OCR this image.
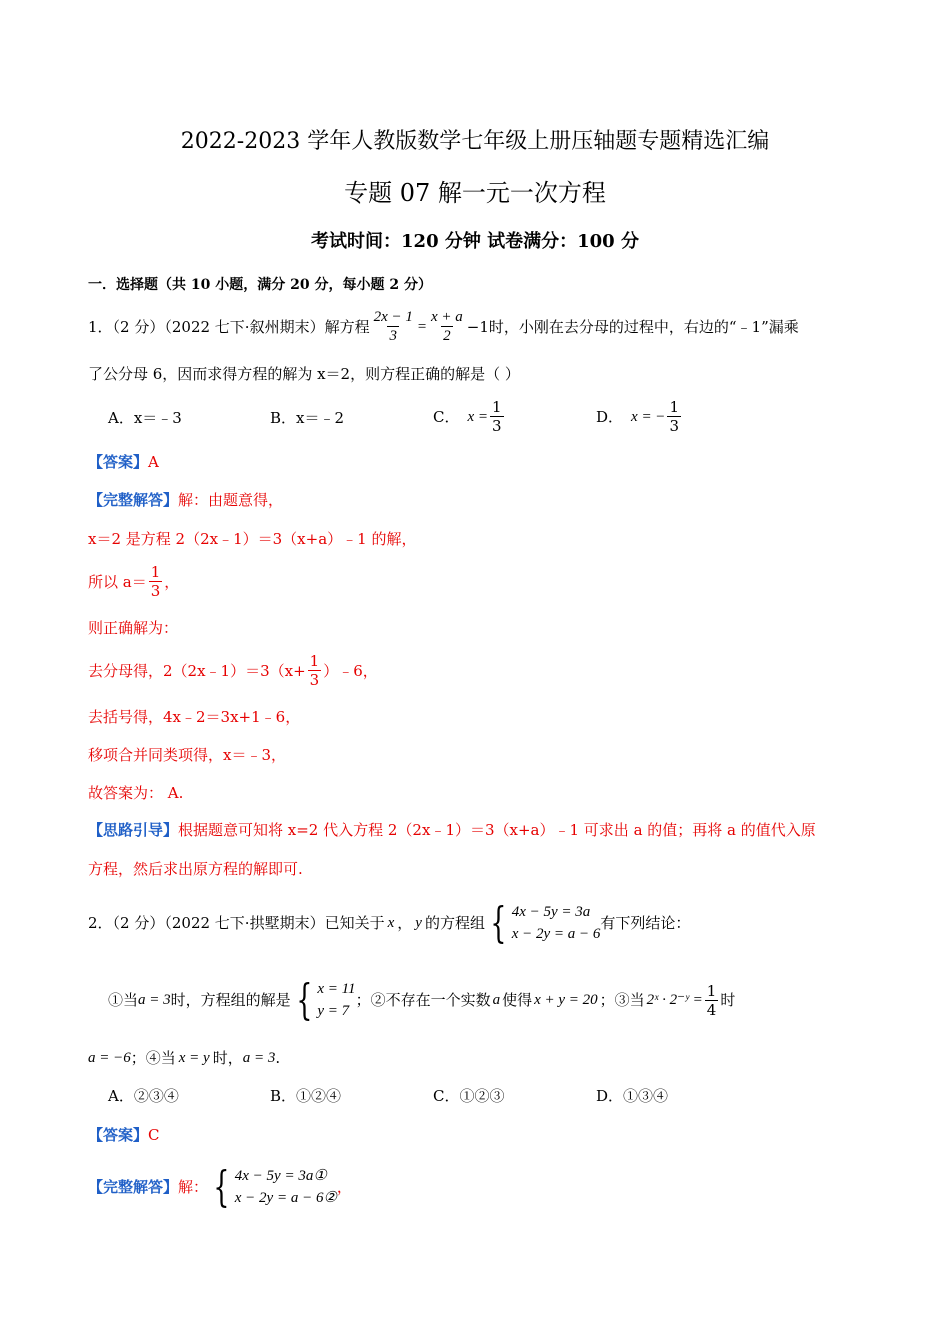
2022-2023 学年人教版数学七年级上册压轴题专题精选汇编
专题 07 解一元一次方程
考试时间：120 分钟 试卷满分：100 分
一．选择题（共 10 小题，满分 20 分，每小题 2 分）
1．（2 分）（2022 七下·叙州期末）解方程 $\frac{2x - 1}{3} = \frac{x + a}{2} -1$时，小刚在去分母的过程中，右边的“﹣1”漏乘
了公分母 6，因而求得方程的解为 x＝2，则方程正确的解是（ ）
A．x＝﹣3	B．x＝﹣2	C． $x = \frac{1}{3}$	D． x = − $\frac{1}{3}$
【答案】A
【完整解答】解：由题意得，
x＝2 是方程 2（2x﹣1）＝3（x+a）﹣1 的解，
所以 $a= \frac{1}{3}$ ，
则正确解为：
去分母得，2（2x﹣1）＝3（x+ $\frac{1}{3}$ ）﹣6，
去括号得，4x﹣2＝3x+1﹣6，
移项合并同类项得，x＝﹣3，
故答案为： A.
【思路引导】根据题意可知将 x=2 代入方程 2（2x﹣1）＝3（x+a）﹣1 可求出 a 的值；再将 a 的值代入原
方程，然后求出原方程的解即可.
2．（2 分）（2022 七下·拱墅期末）已知关于 x ， y 的方程组 { 4x − 5y = 3a
x − 2y = a − 6
有下列结论：
①当 a = 3 时，方程组的解是 { x = 11
y = 7
；②不存在一个实数 a 使得 x + y = 20 ；③当 2ˣ · 2⁻ʸ = $\frac{1}{4}$ 时
a = −6 ；④当 x = y 时， a = 3 .
A．②③④	B．①②④	C．①②③	D．①③④
【答案】C
【完整解答】 解： { 4x − 5y = 3a①
x − 2y = a − 6②
，
